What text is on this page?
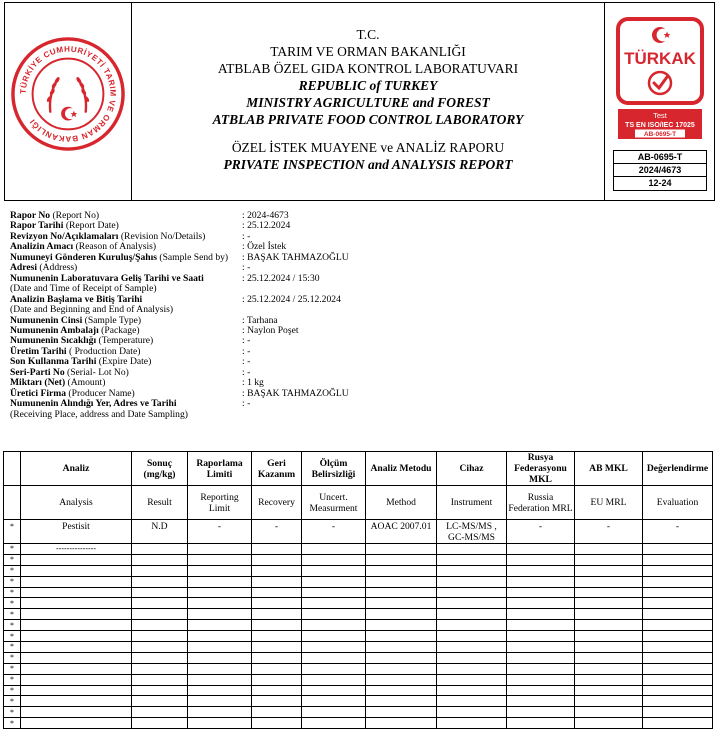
TÜRKİYE CUMHURİYETİ TARIM VE ORMAN BAKANLIĞI
T.C.
TARIM VE ORMAN BAKANLIĞI
ATBLAB ÖZEL GIDA KONTROL LABORATUVARI
REPUBLIC of TURKEY
MINISTRY AGRICULTURE and FOREST
ATBLAB PRIVATE FOOD CONTROL LABORATORY
ÖZEL İSTEK MUAYENE ve ANALİZ RAPORU
PRIVATE INSPECTION and ANALYSIS REPORT
TÜRKAK
Test
TS EN ISO/IEC 17025
AB-0695-T
AB-0695-T
2024/4673
12-24
Rapor No (Report No)	: 2024-4673
Rapor Tarihi (Report Date)	: 25.12.2024
Revizyon No/Açıklamaları (Revision No/Details)	: -
Analizin Amacı (Reason of Analysis)	: Özel İstek
Numuneyi Gönderen Kuruluş/Şahıs (Sample Send by) : BAŞAK TAHMAZOĞLU
Adresi (Address)	: -
Numunenin Laboratuvara Geliş Tarihi ve Saati	: 25.12.2024 / 15:30
(Date and Time of Receipt of Sample)
Analizin Başlama ve Bitiş Tarihi	: 25.12.2024 / 25.12.2024
(Date and Beginning and End of Analysis)
Numunenin Cinsi (Sample Type)	: Tarhana
Numunenin Ambalajı (Package)	: Naylon Poşet
Numunenin Sıcaklığı (Temperature)	: -
Üretim Tarihi ( Production Date)	: -
Son Kullanma Tarihi (Expire Date)	: -
Seri-Parti No (Serial- Lot No)	: -
Miktarı (Net) (Amount)	: 1 kg
Üretici Firma (Producer Name)	: BAŞAK TAHMAZOĞLU
Numunenin Alındığı Yer, Adres ve Tarihi	: -
(Receiving Place, address and Date Sampling)
	Analiz	Sonuç (mg/kg)	Raporlama Limiti	Geri Kazanım	Ölçüm Belirsizliği	Analiz Metodu	Cihaz	Rusya Federasyonu MKL	AB MKL	Değerlendirme
	Analysis	Result	Reporting Limit	Recovery	Uncert. Measurment	Method	Instrument	Russia Federation MRL	EU MRL	Evaluation
*	Pestisit	N.D	-	-	-	AOAC 2007.01	LC-MS/MS , GC-MS/MS	-	-	-
*	---------------									
*										
*										
*										
*										
*										
*										
*										
*										
*										
*										
*										
*										
*										
*										
*										
*										
